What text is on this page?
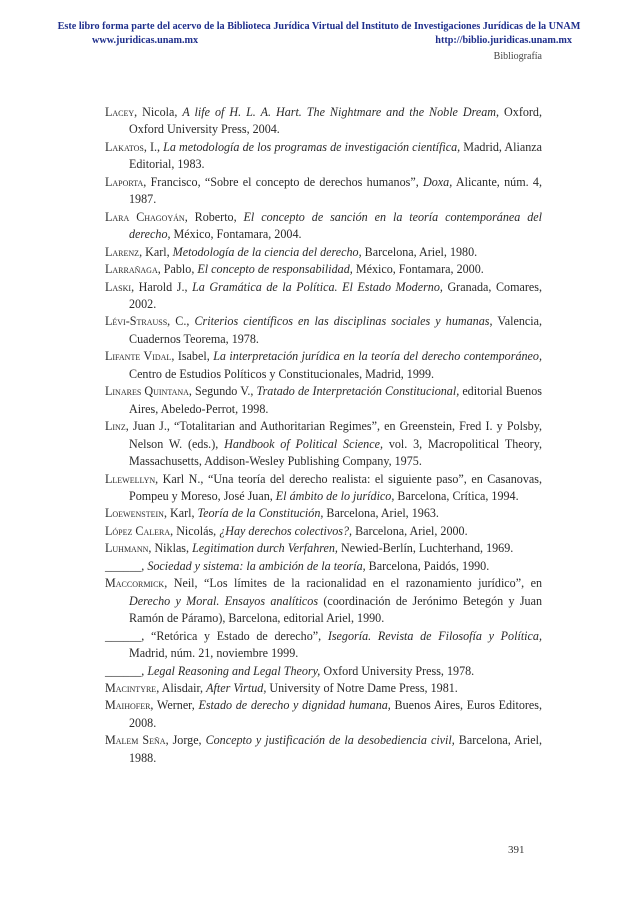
Este libro forma parte del acervo de la Biblioteca Jurídica Virtual del Instituto de Investigaciones Jurídicas de la UNAM
www.juridicas.unam.mx	http://biblio.juridicas.unam.mx
Bibliografía
Lacey, Nicola, A life of H. L. A. Hart. The Nightmare and the Noble Dream, Oxford, Oxford University Press, 2004.
Lakatos, I., La metodología de los programas de investigación científica, Madrid, Alianza Editorial, 1983.
Laporta, Francisco, “Sobre el concepto de derechos humanos”, Doxa, Alicante, núm. 4, 1987.
Lara Chagoyán, Roberto, El concepto de sanción en la teoría contemporánea del derecho, México, Fontamara, 2004.
Larenz, Karl, Metodología de la ciencia del derecho, Barcelona, Ariel, 1980.
Larrañaga, Pablo, El concepto de responsabilidad, México, Fontamara, 2000.
Laski, Harold J., La Gramática de la Política. El Estado Moderno, Granada, Comares, 2002.
Lévi-Strauss, C., Criterios científicos en las disciplinas sociales y humanas, Valencia, Cuadernos Teorema, 1978.
Lifante Vidal, Isabel, La interpretación jurídica en la teoría del derecho contemporáneo, Centro de Estudios Políticos y Constitucionales, Madrid, 1999.
Linares Quintana, Segundo V., Tratado de Interpretación Constitucional, editorial Buenos Aires, Abeledo-Perrot, 1998.
Linz, Juan J., “Totalitarian and Authoritarian Regimes”, en Greenstein, Fred I. y Polsby, Nelson W. (eds.), Handbook of Political Science, vol. 3, Macropolitical Theory, Massachusetts, Addison-Wesley Publishing Company, 1975.
Llewellyn, Karl N., “Una teoría del derecho realista: el siguiente paso”, en Casanovas, Pompeu y Moreso, José Juan, El ámbito de lo jurídico, Barcelona, Crítica, 1994.
Loewenstein, Karl, Teoría de la Constitución, Barcelona, Ariel, 1963.
López Calera, Nicolás, ¿Hay derechos colectivos?, Barcelona, Ariel, 2000.
Luhmann, Niklas, Legitimation durch Verfahren, Newied-Berlín, Luchterhand, 1969.
______, Sociedad y sistema: la ambición de la teoría, Barcelona, Paidós, 1990.
Maccormick, Neil, “Los límites de la racionalidad en el razonamiento jurídico”, en Derecho y Moral. Ensayos analíticos (coordinación de Jerónimo Betegón y Juan Ramón de Páramo), Barcelona, editorial Ariel, 1990.
______, “Retórica y Estado de derecho”, Isegoría. Revista de Filosofía y Política, Madrid, núm. 21, noviembre 1999.
______, Legal Reasoning and Legal Theory, Oxford University Press, 1978.
Macintyre, Alisdair, After Virtud, University of Notre Dame Press, 1981.
Maihofer, Werner, Estado de derecho y dignidad humana, Buenos Aires, Euros Editores, 2008.
Malem Seña, Jorge, Concepto y justificación de la desobediencia civil, Barcelona, Ariel, 1988.
391
